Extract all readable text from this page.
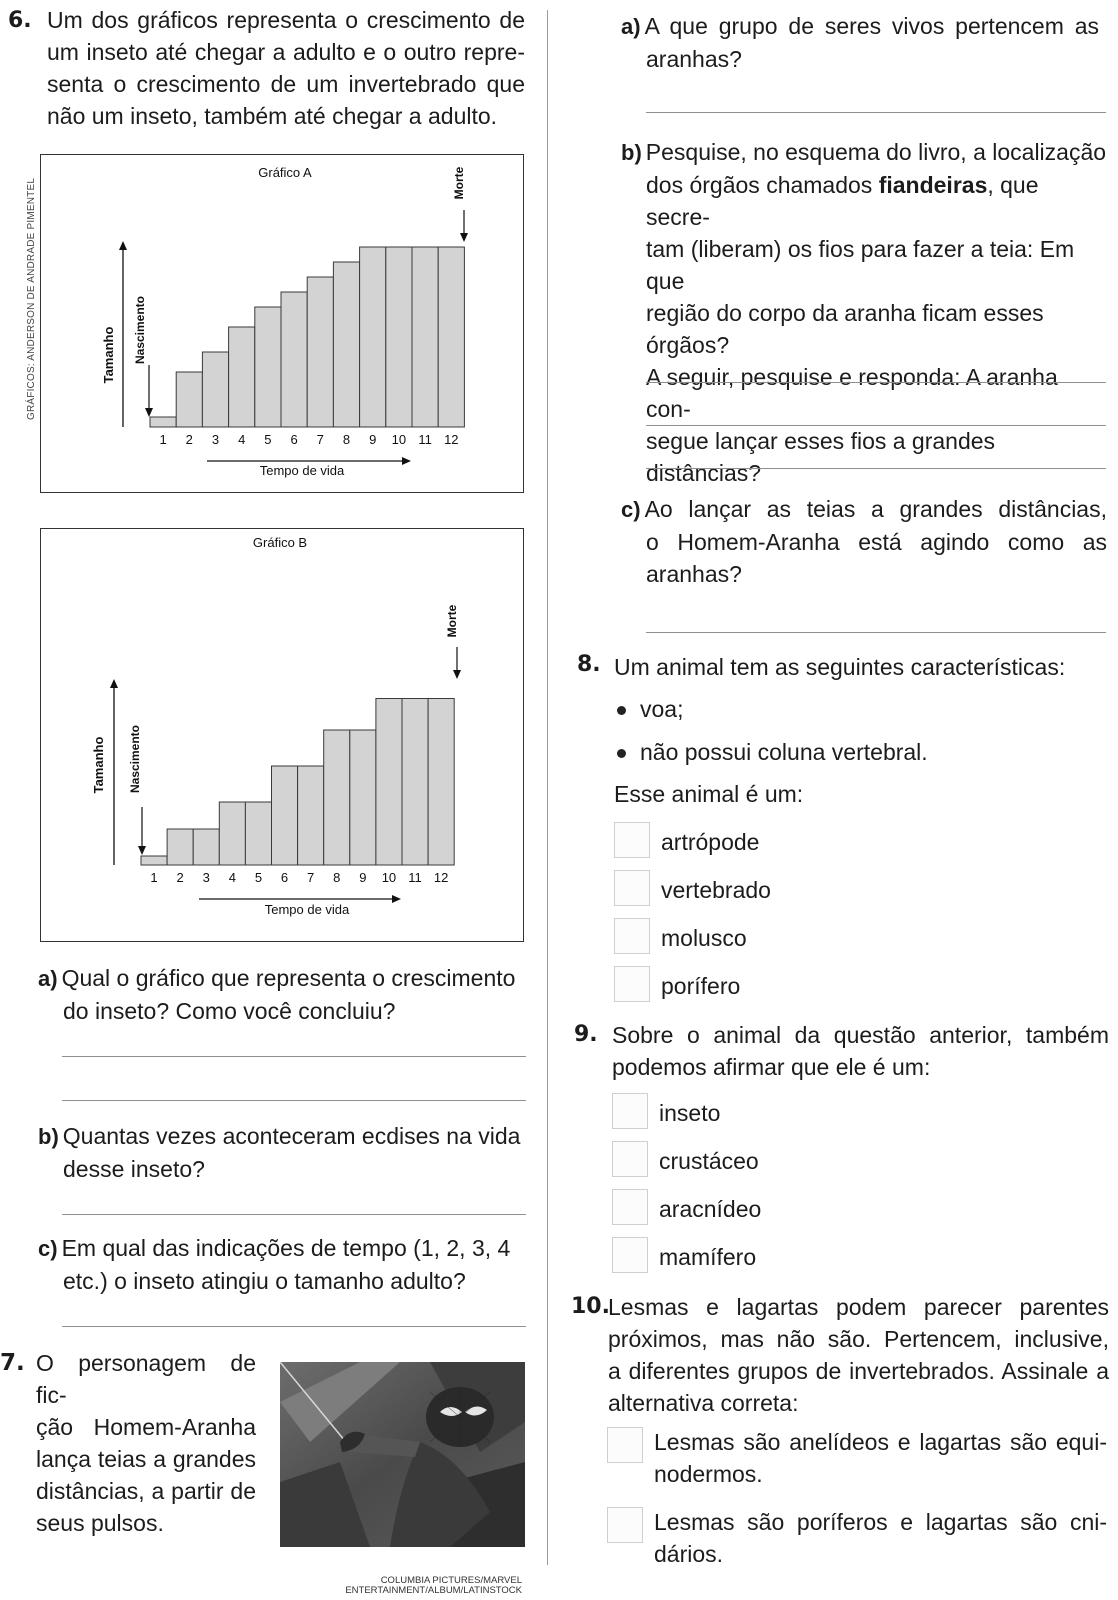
GRÁFICOS: ANDERSON DE ANDRADE PIMENTEL
6. Um dos gráficos representa o crescimento de
um inseto até chegar a adulto e o outro repre-
senta o crescimento de um invertebrado que
não um inseto, também até chegar a adulto.
Gráfico A
1 2 3 4 5 6 7 8 9 10 11 12
Tamanho Nascimento
Morte
Tempo de vida
Gráfico B
1 2 3 4 5 6 7 8 9 10 11 12
Tamanho Nascimento
Morte
Tempo de vida
a) Qual o gráfico que representa o crescimento
do inseto? Como você concluiu?
b) Quantas vezes aconteceram ecdises na vida
desse inseto?
c) Em qual das indicações de tempo (1, 2, 3, 4
etc.) o inseto atingiu o tamanho adulto?
7. O personagem de fic-
ção Homem-Aranha
lança teias a grandes
distâncias, a partir de
seus pulsos.
COLUMBIA PICTURES/MARVEL
ENTERTAINMENT/ALBUM/LATINSTOCK
a) A que grupo de seres vivos pertencem as
aranhas?
b) Pesquise, no esquema do livro, a localização
dos órgãos chamados fiandeiras, que secre-
tam (liberam) os fios para fazer a teia: Em que
região do corpo da aranha ficam esses órgãos?
A seguir, pesquise e responda: A aranha con-
segue lançar esses fios a grandes distâncias?
c) Ao lançar as teias a grandes distâncias,
o Homem-Aranha está agindo como as
aranhas?
8. Um animal tem as seguintes características:
voa;
não possui coluna vertebral.
Esse animal é um:
artrópode
vertebrado
molusco
porífero
9. Sobre o animal da questão anterior, também
podemos afirmar que ele é um:
inseto
crustáceo
aracnídeo
mamífero
10.
Lesmas e lagartas podem parecer parentes
próximos, mas não são. Pertencem, inclusive,
a diferentes grupos de invertebrados. Assinale a
alternativa correta:
Lesmas são anelídeos e lagartas são equi-
nodermos.
Lesmas são poríferos e lagartas são cni-
dários.
